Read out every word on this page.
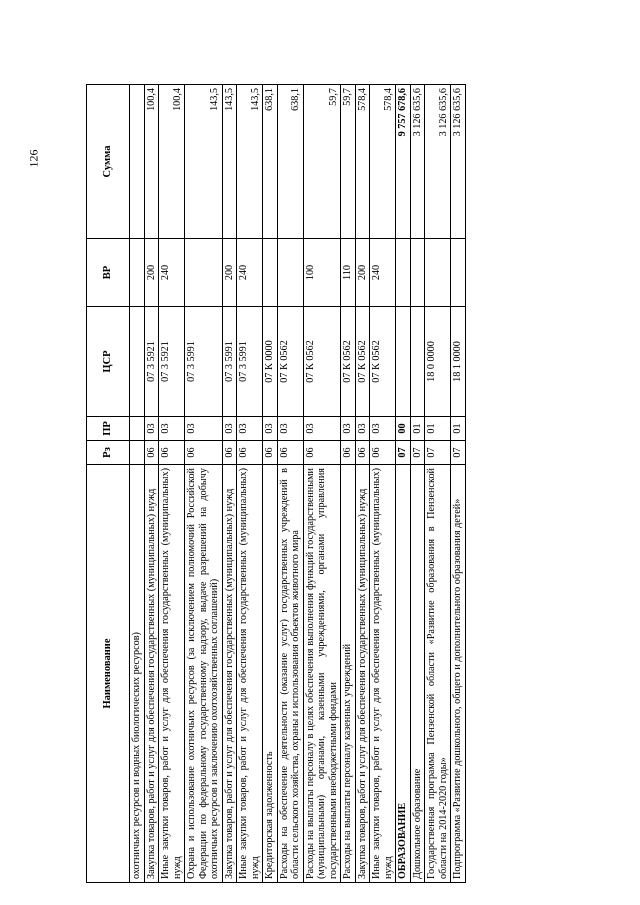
126
Наименование	Рз	ПР	ЦСР	ВР	Сумма
охотничьих ресурсов и водных биологических ресурсов)					
Закупка товаров, работ и услуг для обеспечения государственных (муниципальных) нужд	06	03	07 3 5921	200	100,4
Иные закупки товаров, работ и услуг для обеспечения государственных (муниципальных) нужд	06	03	07 3 5921	240	100,4
Охрана и использование охотничьих ресурсов (за исключением полномочий Российской Федерации по федеральному государственному надзору, выдаче разрешений на добычу охотничьих ресурсов и заключению охотхозяйственных соглашений)	06	03	07 3 5991		143,5
Закупка товаров, работ и услуг для обеспечения государственных (муниципальных) нужд	06	03	07 3 5991	200	143,5
Иные закупки товаров, работ и услуг для обеспечения государственных (муниципальных) нужд	06	03	07 3 5991	240	143,5
Кредиторская задолженность	06	03	07 К 0000		638,1
Расходы на обеспечение деятельности (оказание услуг) государственных учреждений в области сельского хозяйства, охраны и использования объектов животного мира	06	03	07 К 0562		638,1
Расходы на выплаты персоналу в целях обеспечения выполнения функций государственными (муниципальными) органами, казенными учреждениями, органами управления государственными внебюджетными фондами	06	03	07 К 0562	100	59,7
Расходы на выплаты персоналу казенных учреждений	06	03	07 К 0562	110	59,7
Закупка товаров, работ и услуг для обеспечения государственных (муниципальных) нужд	06	03	07 К 0562	200	578,4
Иные закупки товаров, работ и услуг для обеспечения государственных (муниципальных) нужд	06	03	07 К 0562	240	578,4
ОБРАЗОВАНИЕ	07	00			9 757 678,6
Дошкольное образование	07	01			3 126 635,6
Государственная программа Пензенской области «Развитие образования в Пензенской области на 2014-2020 годы»	07	01	18 0 0000		3 126 635,6
Подпрограмма «Развитие дошкольного, общего и дополнительного образования детей»	07	01	18 1 0000		3 126 635,6
